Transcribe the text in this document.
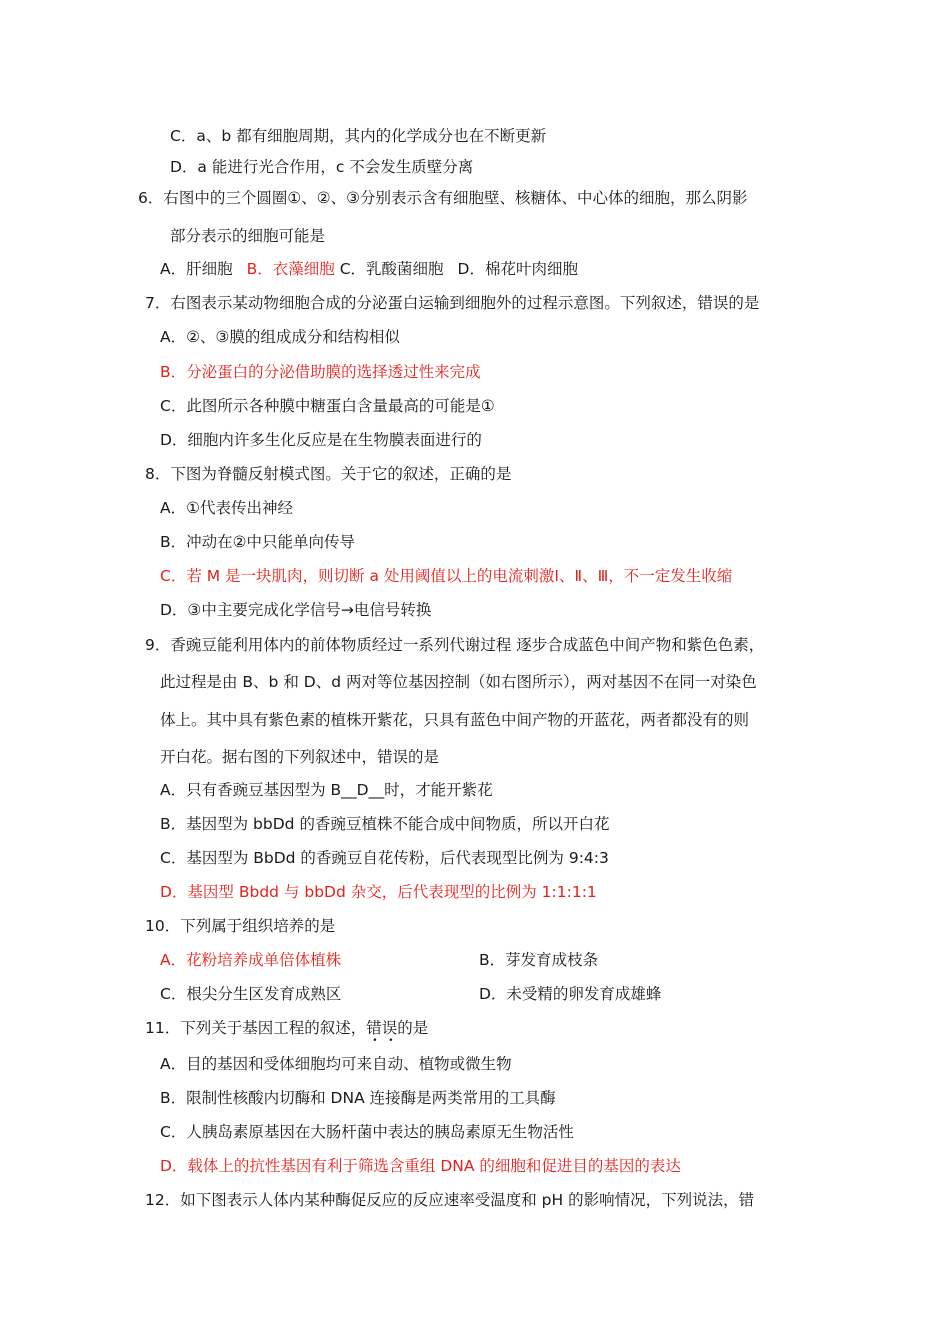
C．a、b 都有细胞周期，其内的化学成分也在不断更新
D．a 能进行光合作用，c 不会发生质壁分离
6．右图中的三个圆圈①、②、③分别表示含有细胞壁、核糖体、中心体的细胞，那么阴影
部分表示的细胞可能是
A．肝细胞 B．衣藻细胞 C．乳酸菌细胞 D．棉花叶肉细胞
7．右图表示某动物细胞合成的分泌蛋白运输到细胞外的过程示意图。下列叙述，错误的是
A．②、③膜的组成成分和结构相似
B．分泌蛋白的分泌借助膜的选择透过性来完成
C．此图所示各种膜中糖蛋白含量最高的可能是①
D．细胞内许多生化反应是在生物膜表面进行的
8．下图为脊髓反射模式图。关于它的叙述，正确的是
A．①代表传出神经
B．冲动在②中只能单向传导
C．若 M 是一块肌肉，则切断 a 处用阈值以上的电流刺激Ⅰ、Ⅱ、Ⅲ，不一定发生收缩
D．③中主要完成化学信号→电信号转换
9．香豌豆能利用体内的前体物质经过一系列代谢过程 逐步合成蓝色中间产物和紫色色素，
此过程是由 B、b 和 D、d 两对等位基因控制（如右图所示），两对基因不在同一对染色
体上。其中具有紫色素的植株开紫花，只具有蓝色中间产物的开蓝花，两者都没有的则
开白花。据右图的下列叙述中，错误的是
A．只有香豌豆基因型为 B__D__时，才能开紫花
B．基因型为 bbDd 的香豌豆植株不能合成中间物质，所以开白花
C．基因型为 BbDd 的香豌豆自花传粉，后代表现型比例为 9:4:3
D．基因型 Bbdd 与 bbDd 杂交，后代表现型的比例为 1:1:1:1
10．下列属于组织培养的是
A．花粉培养成单倍体植株	B．芽发育成枝条
C．根尖分生区发育成熟区	D．未受精的卵发育成雄蜂
11．下列关于基因工程的叙述，错误
• •
的是
A．目的基因和受体细胞均可来自动、植物或微生物
B．限制性核酸内切酶和 DNA 连接酶是两类常用的工具酶
C．人胰岛素原基因在大肠杆菌中表达的胰岛素原无生物活性
D．载体上的抗性基因有利于筛选含重组 DNA 的细胞和促进目的基因的表达
12．如下图表示人体内某种酶促反应的反应速率受温度和 pH 的影响情况，下列说法，错
